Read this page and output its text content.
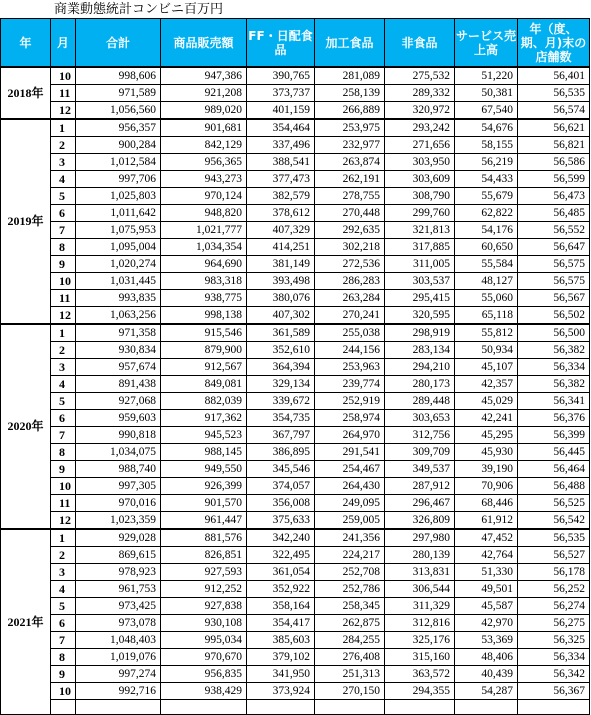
商業動態統計コンビニ百万円
年	月	合計	商品販売額	FF・日配食品	加工食品	非食品	サービス売上高	年（度、期、月)末の店舗数
2018年	10	998,606	947,386	390,765	281,089	275,532	51,220	56,401
	11	971,589	921,208	373,737	258,139	289,332	50,381	56,535
	12	1,056,560	989,020	401,159	266,889	320,972	67,540	56,574
2019年	1	956,357	901,681	354,464	253,975	293,242	54,676	56,621
	2	900,284	842,129	337,496	232,977	271,656	58,155	56,821
	3	1,012,584	956,365	388,541	263,874	303,950	56,219	56,586
	4	997,706	943,273	377,473	262,191	303,609	54,433	56,599
	5	1,025,803	970,124	382,579	278,755	308,790	55,679	56,473
	6	1,011,642	948,820	378,612	270,448	299,760	62,822	56,485
	7	1,075,953	1,021,777	407,329	292,635	321,813	54,176	56,552
	8	1,095,004	1,034,354	414,251	302,218	317,885	60,650	56,647
	9	1,020,274	964,690	381,149	272,536	311,005	55,584	56,575
	10	1,031,445	983,318	393,498	286,283	303,537	48,127	56,575
	11	993,835	938,775	380,076	263,284	295,415	55,060	56,567
	12	1,063,256	998,138	407,302	270,241	320,595	65,118	56,502
2020年	1	971,358	915,546	361,589	255,038	298,919	55,812	56,500
	2	930,834	879,900	352,610	244,156	283,134	50,934	56,382
	3	957,674	912,567	364,394	253,963	294,210	45,107	56,334
	4	891,438	849,081	329,134	239,774	280,173	42,357	56,382
	5	927,068	882,039	339,672	252,919	289,448	45,029	56,341
	6	959,603	917,362	354,735	258,974	303,653	42,241	56,376
	7	990,818	945,523	367,797	264,970	312,756	45,295	56,399
	8	1,034,075	988,145	386,895	291,541	309,709	45,930	56,445
	9	988,740	949,550	345,546	254,467	349,537	39,190	56,464
	10	997,305	926,399	374,057	264,430	287,912	70,906	56,488
	11	970,016	901,570	356,008	249,095	296,467	68,446	56,525
	12	1,023,359	961,447	375,633	259,005	326,809	61,912	56,542
2021年	1	929,028	881,576	342,240	241,356	297,980	47,452	56,535
	2	869,615	826,851	322,495	224,217	280,139	42,764	56,527
	3	978,923	927,593	361,054	252,708	313,831	51,330	56,178
	4	961,753	912,252	352,922	252,786	306,544	49,501	56,252
	5	973,425	927,838	358,164	258,345	311,329	45,587	56,274
	6	973,078	930,108	354,417	262,875	312,816	42,970	56,275
	7	1,048,403	995,034	385,603	284,255	325,176	53,369	56,325
	8	1,019,076	970,670	379,102	276,408	315,160	48,406	56,334
	9	997,274	956,835	341,950	251,313	363,572	40,439	56,342
	10	992,716	938,429	373,924	270,150	294,355	54,287	56,367
